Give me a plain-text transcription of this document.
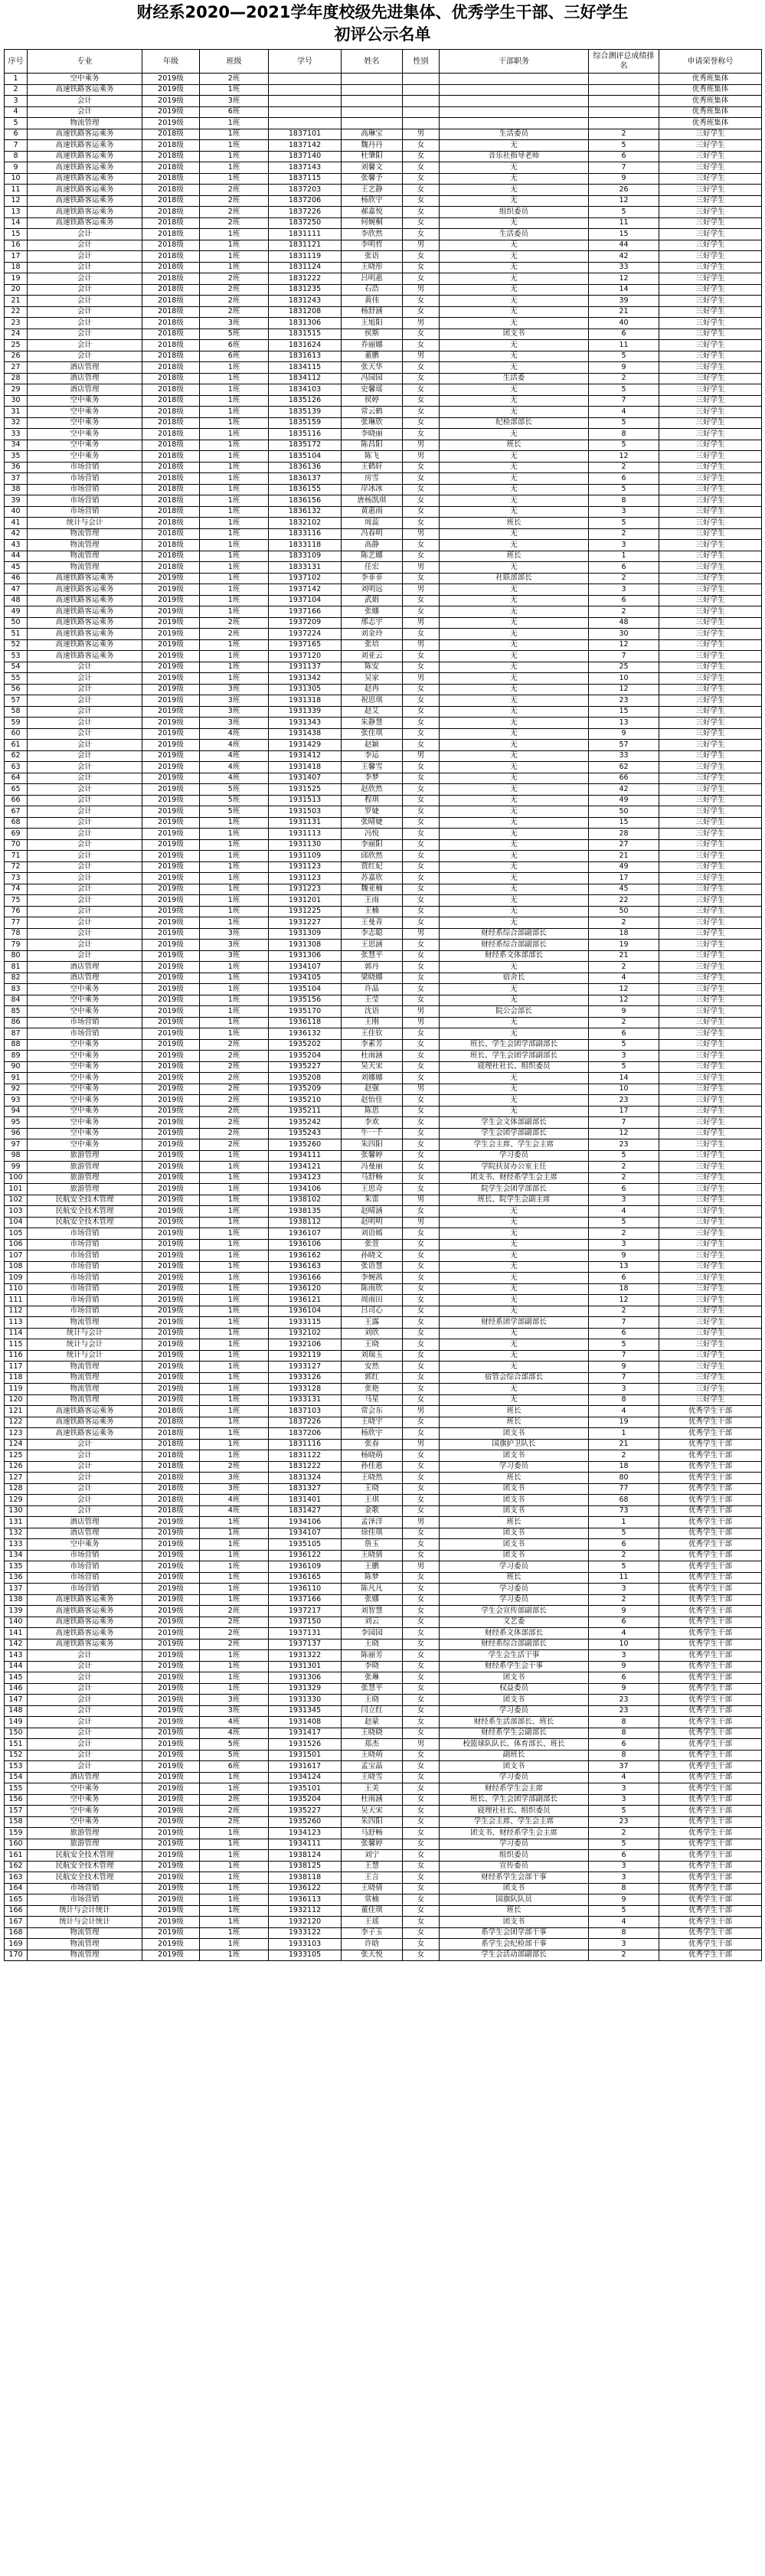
财经系2020—2021学年度校级先进集体、优秀学生干部、三好学生
初评公示名单
序号	专业	年级	班级	学号	姓名	性别	干部职务	综合测评总成绩排名	申请荣誉称号
1	空中乘务	2019级	2班						优秀班集体
2	高速铁路客运乘务	2019级	1班						优秀班集体
3	会计	2019级	3班						优秀班集体
4	会计	2019级	6班						优秀班集体
5	物流管理	2019级	1班						优秀班集体
6	高速铁路客运乘务	2018级	1班	1837101	高琳宝	男	生活委员	2	三好学生
7	高速铁路客运乘务	2018级	1班	1837142	魏丹丹	女	无	5	三好学生
8	高速铁路客运乘务	2018级	1班	1837140	杜肇阳	女	音乐社指导老师	6	三好学生
9	高速铁路客运乘务	2018级	1班	1837143	刘馨文	女	无	7	三好学生
10	高速铁路客运乘务	2018级	1班	1837115	张馨予	女	无	9	三好学生
11	高速铁路客运乘务	2018级	2班	1837203	王艺静	女	无	26	三好学生
12	高速铁路客运乘务	2018级	2班	1837206	杨欣宇	女	无	12	三好学生
13	高速铁路客运乘务	2018级	2班	1837226	郝嘉悦	女	组织委员	5	三好学生
14	高速铁路客运乘务	2018级	2班	1837250	何婉桐	女	无	11	三好学生
15	会计	2018级	1班	1831111	李欣然	女	生活委员	15	三好学生
16	会计	2018级	1班	1831121	李明哲	男	无	44	三好学生
17	会计	2018级	1班	1831119	张语	女	无	42	三好学生
18	会计	2018级	1班	1831124	王晓彤	女	无	33	三好学生
19	会计	2018级	2班	1831222	吕明惠	女	无	12	三好学生
20	会计	2018级	2班	1831235	石浩	男	无	14	三好学生
21	会计	2018级	2班	1831243	黄伟	女	无	39	三好学生
22	会计	2018级	2班	1831208	杨舒涵	女	无	21	三好学生
23	会计	2018级	3班	1831306	王旭阳	男	无	40	三好学生
24	会计	2018级	5班	1831515	侯斯	女	团支书	6	三好学生
25	会计	2018级	6班	1831624	乔丽娜	女	无	11	三好学生
26	会计	2018级	6班	1831613	董鹏	男	无	5	三好学生
27	酒店管理	2018级	1班	1834115	张天华	女	无	9	三好学生
28	酒店管理	2018级	1班	1834112	冯园园	女	生活委	2	三好学生
29	酒店管理	2018级	1班	1834103	史馨瑶	女	无	5	三好学生
30	空中乘务	2018级	1班	1835126	侯婷	女	无	7	三好学生
31	空中乘务	2018级	1班	1835139	常云鹤	女	无	4	三好学生
32	空中乘务	2018级	1班	1835159	张琳欣	女	纪检部部长	5	三好学生
33	空中乘务	2018级	1班	1835116	李晓丽	女	无	8	三好学生
34	空中乘务	2018级	1班	1835172	陈昌阳	男	班长	5	三好学生
35	空中乘务	2018级	1班	1835104	陈飞	男	无	12	三好学生
36	市场营销	2018级	1班	1836136	王鹤轩	女	无	2	三好学生
37	市场营销	2018级	1班	1836137	房雪	女	无	6	三好学生
38	市场营销	2018级	1班	1836155	岸冰冰	女	无	5	三好学生
39	市场营销	2018级	1班	1836156	唐杨凯琪	女	无	8	三好学生
40	市场营销	2018级	1班	1836132	黄惠雨	女	无	3	三好学生
41	统计与会计	2018级	1班	1832102	周蕊	女	班长	5	三好学生
42	物流管理	2018级	1班	1833116	冯春明	男	无	2	三好学生
43	物流管理	2018级	1班	1833118	高静	女	无	3	三好学生
44	物流管理	2018级	1班	1833109	陈艺娜	女	班长	1	三好学生
45	物流管理	2018级	1班	1833131	任宏	男	无	6	三好学生
46	高速铁路客运乘务	2019级	1班	1937102	李菲菲	女	社联部部长	2	三好学生
47	高速铁路客运乘务	2019级	1班	1937142	刘明远	男	无	3	三好学生
48	高速铁路客运乘务	2019级	1班	1937104	武娟	女	无	6	三好学生
49	高速铁路客运乘务	2019级	1班	1937166	张娜	女	无	2	三好学生
50	高速铁路客运乘务	2019级	2班	1937209	邢志宇	男	无	48	三好学生
51	高速铁路客运乘务	2019级	2班	1937224	刘金玲	女	无	30	三好学生
52	高速铁路客运乘务	2019级	1班	1937165	张培	男	无	12	三好学生
53	高速铁路客运乘务	2019级	1班	1937120	刘亚云	女	无	7	三好学生
54	会计	2019级	1班	1931137	陈安	女	无	25	三好学生
55	会计	2019级	1班	1931342	吴家	男	无	10	三好学生
56	会计	2019级	3班	1931305	赵冉	女	无	12	三好学生
57	会计	2019级	3班	1931318	祝思琪	女	无	23	三好学生
58	会计	2019级	3班	1931339	赵艾	女	无	15	三好学生
59	会计	2019级	3班	1931343	朱静慧	女	无	13	三好学生
60	会计	2019级	4班	1931438	张佳琪	女	无	9	三好学生
61	会计	2019级	4班	1931429	赵颖	女	无	57	三好学生
62	会计	2019级	4班	1931412	李运	男	无	33	三好学生
63	会计	2019级	4班	1931418	王馨雪	女	无	62	三好学生
64	会计	2019级	4班	1931407	李梦	女	无	66	三好学生
65	会计	2019级	5班	1931525	赵欣然	女	无	42	三好学生
66	会计	2019级	5班	1931513	程琪	女	无	49	三好学生
67	会计	2019级	5班	1931503	罗婕	女	无	50	三好学生
68	会计	2019级	1班	1931131	张晴婕	女	无	15	三好学生
69	会计	2019级	1班	1931113	冯悦	女	无	28	三好学生
70	会计	2019级	1班	1931130	李丽阳	女	无	27	三好学生
71	会计	2019级	1班	1931109	邱欣然	女	无	21	三好学生
72	会计	2019级	1班	1931123	贾红妃	女	无	49	三好学生
73	会计	2019级	1班	1931123	苏嘉欣	女	无	17	三好学生
74	会计	2019级	1班	1931223	魏亚楠	女	无	45	三好学生
75	会计	2019级	1班	1931201	王雨	女	无	22	三好学生
76	会计	2019级	1班	1931225	王楠	女	无	50	三好学生
77	会计	2019级	1班	1931227	王曼青	女	无	2	三好学生
78	会计	2019级	3班	1931309	李志聪	男	财经系综合部副部长	18	三好学生
79	会计	2019级	3班	1931308	王思涵	女	财经系综合部副部长	19	三好学生
80	会计	2019级	3班	1931306	张慧平	女	财经系文体部部长	21	三好学生
81	酒店管理	2019级	1班	1934107	郭丹	女	无	2	三好学生
82	酒店管理	2019级	1班	1934105	梁晓娜	女	宿舍长	4	三好学生
83	空中乘务	2019级	1班	1935104	许晶	女	无	12	三好学生
84	空中乘务	2019级	1班	1935156	王莹	女	无	12	三好学生
85	空中乘务	2019级	1班	1935170	沈语	男	院公会部长	9	三好学生
86	市场营销	2019级	1班	1936118	王刚	男	无	2	三好学生
87	市场营销	2019级	1班	1936132	王佳钦	女	无	6	三好学生
88	空中乘务	2019级	2班	1935202	李素芳	女	班长、学生会团学部副部长	5	三好学生
89	空中乘务	2019级	2班	1935204	杜雨涵	女	班长、学生会团学部副部长	3	三好学生
90	空中乘务	2019级	2班	1935227	吴天宋	女	寝理社社长、组织委员	5	三好学生
91	空中乘务	2019级	2班	1935208	刘娜娜	女	无	14	三好学生
92	空中乘务	2019级	2班	1935209	赵强	男	无	10	三好学生
93	空中乘务	2019级	2班	1935210	赵怡佳	女	无	23	三好学生
94	空中乘务	2019级	2班	1935211	陈思	女	无	17	三好学生
95	空中乘务	2019级	2班	1935242	李欢	女	学生会文体部副部长	7	三好学生
96	空中乘务	2019级	2班	1935243	牛一千	女	学生会团学部副部长	12	三好学生
97	空中乘务	2019级	2班	1935260	朱四阳	女	学生会主席、学生会主席	23	三好学生
98	旅游管理	2019级	1班	1934111	张馨婷	女	学习委员	5	三好学生
99	旅游管理	2019级	1班	1934121	冯曼丽	女	学院扶贫办公室主任	2	三好学生
100	旅游管理	2019级	1班	1934123	马舒畅	女	团支书、财经系学生会主席	2	三好学生
101	旅游管理	2019级	1班	1934106	王思奇	女	院学生会团学部部长	6	三好学生
102	民航安全技术管理	2019级	1班	1938102	朱雷	男	班长、院学生会副主席	3	三好学生
103	民航安全技术管理	2019级	1班	1938135	赵晴涵	女	无	4	三好学生
104	民航安全技术管理	2019级	1班	1938112	赵明明	男	无	5	三好学生
105	市场营销	2019级	1班	1936107	刘语嫣	女	无	2	三好学生
106	市场营销	2019级	1班	1936106	张萱	女	无	3	三好学生
107	市场营销	2019级	1班	1936162	孙晓文	女	无	9	三好学生
108	市场营销	2019级	1班	1936163	张语慧	女	无	13	三好学生
109	市场营销	2019级	1班	1936166	李婉茜	女	无	6	三好学生
110	市场营销	2019级	1班	1936120	陈雨欣	女	无	18	三好学生
111	市场营销	2019级	1班	1936121	周雨田	女	无	12	三好学生
112	市场营销	2019级	1班	1936104	吕司心	女	无	2	三好学生
113	物流管理	2019级	1班	1933115	王露	女	财经系团学部副部长	7	三好学生
114	统计与会计	2019级	1班	1932102	刘欣	女	无	6	三好学生
115	统计与会计	2019级	1班	1932106	王晓	女	无	5	三好学生
116	统计与会计	2019级	1班	1932119	刘瑞玉	女	无	7	三好学生
117	物流管理	2019级	1班	1933127	安然	女	无	9	三好学生
118	物流管理	2019级	1班	1933126	郭红	女	宿管会综合部部长	7	三好学生
119	物流管理	2019级	1班	1933128	张艳	女	无	3	三好学生
120	物流管理	2019级	1班	1933131	马星	女	无	8	三好学生
121	高速铁路客运乘务	2018级	1班	1837103	常会东	男	班长	4	优秀学生干部
122	高速铁路客运乘务	2018级	1班	1837226	王晓宇	女	班长	19	优秀学生干部
123	高速铁路客运乘务	2018级	1班	1837206	杨欣宇	女	团支书	1	优秀学生干部
124	会计	2018级	1班	1831116	张春	男	国旗护卫队长	21	优秀学生干部
125	会计	2018级	1班	1831122	杨晓萌	女	团支书	2	优秀学生干部
126	会计	2018级	2班	1831222	孙佳惠	女	学习委员	18	优秀学生干部
127	会计	2018级	3班	1831324	王晓然	女	班长	80	优秀学生干部
128	会计	2018级	3班	1831327	王晓	女	团支书	77	优秀学生干部
129	会计	2018级	4班	1831401	王琪	女	团支书	68	优秀学生干部
130	会计	2018级	4班	1831427	金歌	女	团支书	73	优秀学生干部
131	酒店管理	2019级	1班	1934106	孟泽洋	男	班长	1	优秀学生干部
132	酒店管理	2019级	1班	1934107	徐佳琪	女	团支书	5	优秀学生干部
133	空中乘务	2019级	1班	1935105	詹玉	女	团支书	6	优秀学生干部
134	市场营销	2019级	1班	1936122	王晓倩	女	团支书	2	优秀学生干部
135	市场营销	2019级	1班	1936109	王鹏	男	学习委员	5	优秀学生干部
136	市场营销	2019级	1班	1936165	陈梦	女	班长	11	优秀学生干部
137	市场营销	2019级	1班	1936110	陈凡凡	女	学习委员	3	优秀学生干部
138	高速铁路客运乘务	2019级	1班	1937166	张娜	女	学习委员	2	优秀学生干部
139	高速铁路客运乘务	2019级	2班	1937217	刘智慧	女	学生会宣传部副部长	9	优秀学生干部
140	高速铁路客运乘务	2019级	2班	1937150	刘云	女	文艺委	6	优秀学生干部
141	高速铁路客运乘务	2019级	2班	1937131	李园园	女	财经系文体部部长	4	优秀学生干部
142	高速铁路客运乘务	2019级	2班	1937137	王晓	女	财经系综合部副部长	10	优秀学生干部
143	会计	2019级	1班	1931322	陈丽芳	女	学生会生活干事	3	优秀学生干部
144	会计	2019级	1班	1931301	李晓	女	财经系学生会干事	9	优秀学生干部
145	会计	2019级	1班	1931306	张琳	女	团支书	6	优秀学生干部
146	会计	2019级	1班	1931329	张慧平	女	权益委员	9	优秀学生干部
147	会计	2019级	3班	1931330	王晓	女	团支书	23	优秀学生干部
148	会计	2019级	3班	1931345	闫立红	女	学习委员	23	优秀学生干部
149	会计	2019级	4班	1931408	赵蒙	女	财经系生活部部长、班长	8	优秀学生干部
150	会计	2019级	4班	1931417	王晓晓	女	财经系学生会副部长	8	优秀学生干部
151	会计	2019级	5班	1931526	郑杰	男	校篮球队队长、体育部长、班长	6	优秀学生干部
152	会计	2019级	5班	1931501	王晓萌	女	副班长	8	优秀学生干部
153	会计	2019级	6班	1931617	孟宝晶	女	团支书	37	优秀学生干部
154	酒店管理	2019级	1班	1934124	王晓雪	女	学习委员	4	优秀学生干部
155	空中乘务	2019级	1班	1935101	王美	女	财经系学生会主席	3	优秀学生干部
156	空中乘务	2019级	2班	1935204	杜雨涵	女	班长、学生会团学部副部长	3	优秀学生干部
157	空中乘务	2019级	2班	1935227	吴天宋	女	寝理社社长、组织委员	5	优秀学生干部
158	空中乘务	2019级	2班	1935260	朱四阳	女	学生会主席、学生会主席	23	优秀学生干部
159	旅游管理	2019级	1班	1934123	马舒畅	女	团支书、财经系学生会主席	2	优秀学生干部
160	旅游管理	2019级	1班	1934111	张馨婷	女	学习委员	5	优秀学生干部
161	民航安全技术管理	2019级	1班	1938124	刘宁	女	组织委员	6	优秀学生干部
162	民航安全技术管理	2019级	1班	1938125	王慧	女	宣传委员	3	优秀学生干部
163	民航安全技术管理	2019级	1班	1938118	王言	女	财经系学生会部干事	3	优秀学生干部
164	市场营销	2019级	1班	1936122	王晓倩	女	团支书	8	优秀学生干部
165	市场营销	2019级	1班	1936113	常楠	女	国旗队队员	9	优秀学生干部
166	统计与会计统计	2019级	1班	1932112	董佳琪	女	班长	5	优秀学生干部
167	统计与会计统计	2019级	1班	1932120	王瑶	女	团支书	4	优秀学生干部
168	物流管理	2019级	1班	1933122	李子玉	女	系学生会团学部干事	8	优秀学生干部
169	物流管理	2019级	1班	1933103	许晗	女	系学生会纪检部干事	3	优秀学生干部
170	物流管理	2019级	1班	1933105	张天悦	女	学生会活动部副部长	2	优秀学生干部
